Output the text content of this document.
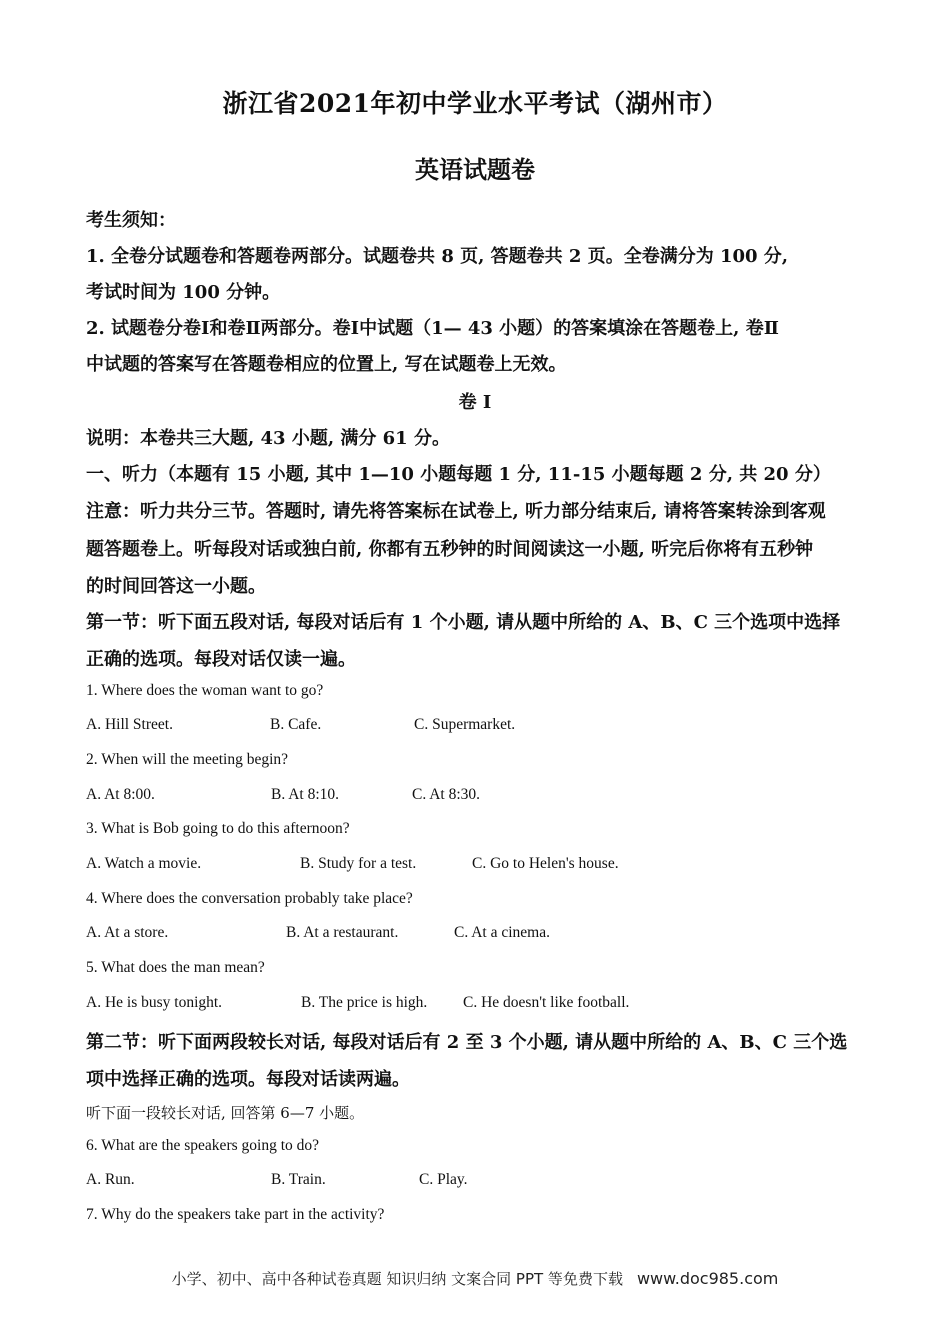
浙江省2021年初中学业水平考试（湖州市）
英语试题卷
考生须知：
1. 全卷分试题卷和答题卷两部分。试题卷共 8 页, 答题卷共 2 页。全卷满分为 100 分,
考试时间为 100 分钟。
2. 试题卷分卷Ⅰ和卷Ⅱ两部分。卷Ⅰ中试题（1— 43 小题）的答案填涂在答题卷上, 卷Ⅱ
中试题的答案写在答题卷相应的位置上, 写在试题卷上无效。
卷 I
说明：本卷共三大题, 43 小题, 满分 61 分。
一、听力（本题有 15 小题, 其中 1—10 小题每题 1 分, 11-15 小题每题 2 分, 共 20 分）
注意：听力共分三节。答题时, 请先将答案标在试卷上, 听力部分结束后, 请将答案转涂到客观
题答题卷上。听每段对话或独白前, 你都有五秒钟的时间阅读这一小题, 听完后你将有五秒钟
的时间回答这一小题。
第一节：听下面五段对话, 每段对话后有 1 个小题, 请从题中所给的 A、B、C 三个选项中选择
正确的选项。每段对话仅读一遍。
1. Where does the woman want to go?
A. Hill Street.	B. Cafe.	C. Supermarket.
2. When will the meeting begin?
A. At 8:00.	B. At 8:10.	C. At 8:30.
3. What is Bob going to do this afternoon?
A. Watch a movie.	B. Study for a test.	C. Go to Helen's house.
4. Where does the conversation probably take place?
A. At a store.	B. At a restaurant.	C. At a cinema.
5. What does the man mean?
A. He is busy tonight.	B. The price is high. C. He doesn't like football.
第二节：听下面两段较长对话, 每段对话后有 2 至 3 个小题, 请从题中所给的 A、B、C 三个选
项中选择正确的选项。每段对话读两遍。
听下面一段较长对话, 回答第 6—7 小题。
6. What are the speakers going to do?
A. Run.	B. Train.	C. Play.
7. Why do the speakers take part in the activity?
小学、初中、高中各种试卷真题 知识归纳 文案合同 PPT 等免费下载 www.doc985.com
